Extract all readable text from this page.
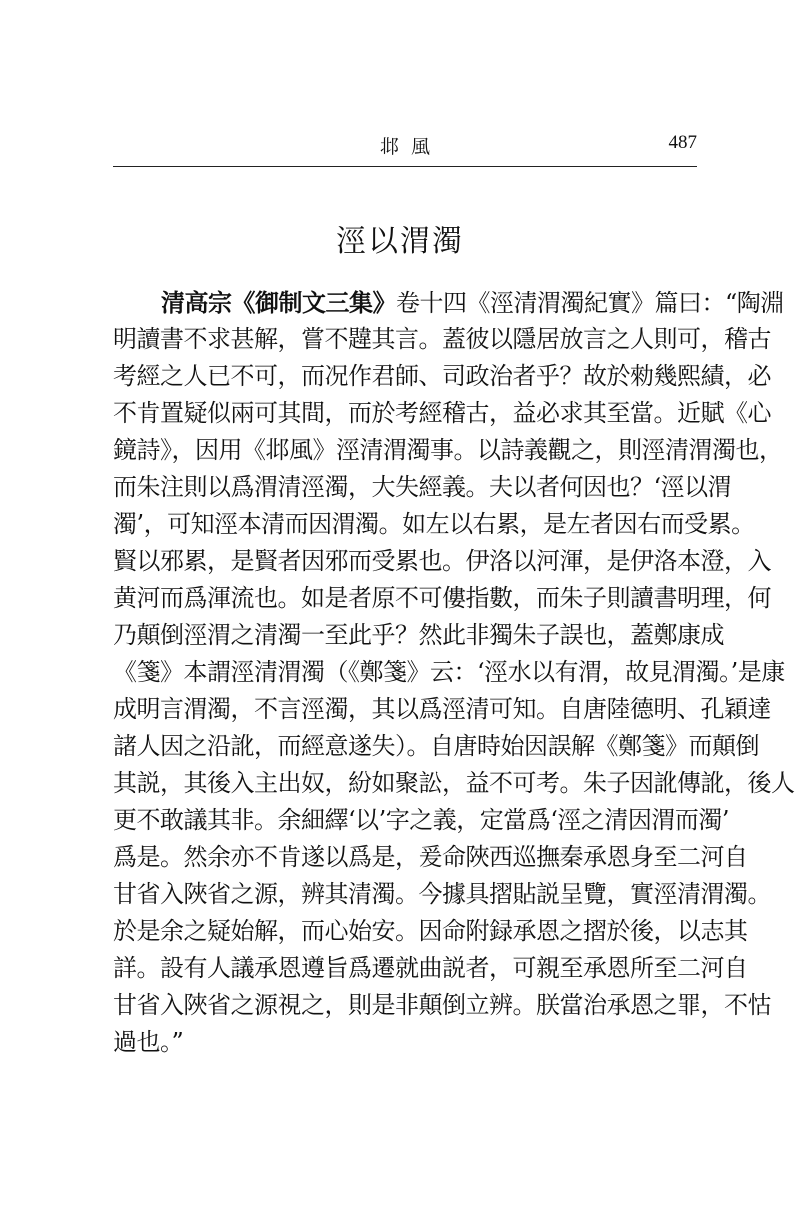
邶風	487
涇以渭濁
清高宗《御制文三集》卷十四《涇清渭濁紀實》篇曰：“陶淵
明讀書不求甚解，嘗不韙其言。蓋彼以隱居放言之人則可，稽古
考經之人已不可，而况作君師、司政治者乎？故於勑幾熙績，必
不肯置疑似兩可其間，而於考經稽古，益必求其至當。近賦《心
鏡詩》，因用《邶風》涇清渭濁事。以詩義觀之，則涇清渭濁也，
而朱注則以爲渭清涇濁，大失經義。夫以者何因也？‘涇以渭
濁’，可知涇本清而因渭濁。如左以右累，是左者因右而受累。
賢以邪累，是賢者因邪而受累也。伊洛以河渾，是伊洛本澄，入
黄河而爲渾流也。如是者原不可僂指數，而朱子則讀書明理，何
乃顛倒涇渭之清濁一至此乎？然此非獨朱子誤也，蓋鄭康成
《箋》本謂涇清渭濁（《鄭箋》云：‘涇水以有渭，故見渭濁。’是康
成明言渭濁，不言涇濁，其以爲涇清可知。自唐陸德明、孔穎達
諸人因之沿訛，而經意遂失）。自唐時始因誤解《鄭箋》而顛倒
其説，其後入主出奴，紛如聚訟，益不可考。朱子因訛傳訛，後人
更不敢議其非。余細繹‘以’字之義，定當爲‘涇之清因渭而濁’
爲是。然余亦不肯遂以爲是，爰命陜西巡撫秦承恩身至二河自
甘省入陜省之源，辨其清濁。今據具摺貼説呈覽，實涇清渭濁。
於是余之疑始解，而心始安。因命附録承恩之摺於後，以志其
詳。設有人議承恩遵旨爲遷就曲説者，可親至承恩所至二河自
甘省入陜省之源視之，則是非顛倒立辨。朕當治承恩之罪，不怙
過也。”
